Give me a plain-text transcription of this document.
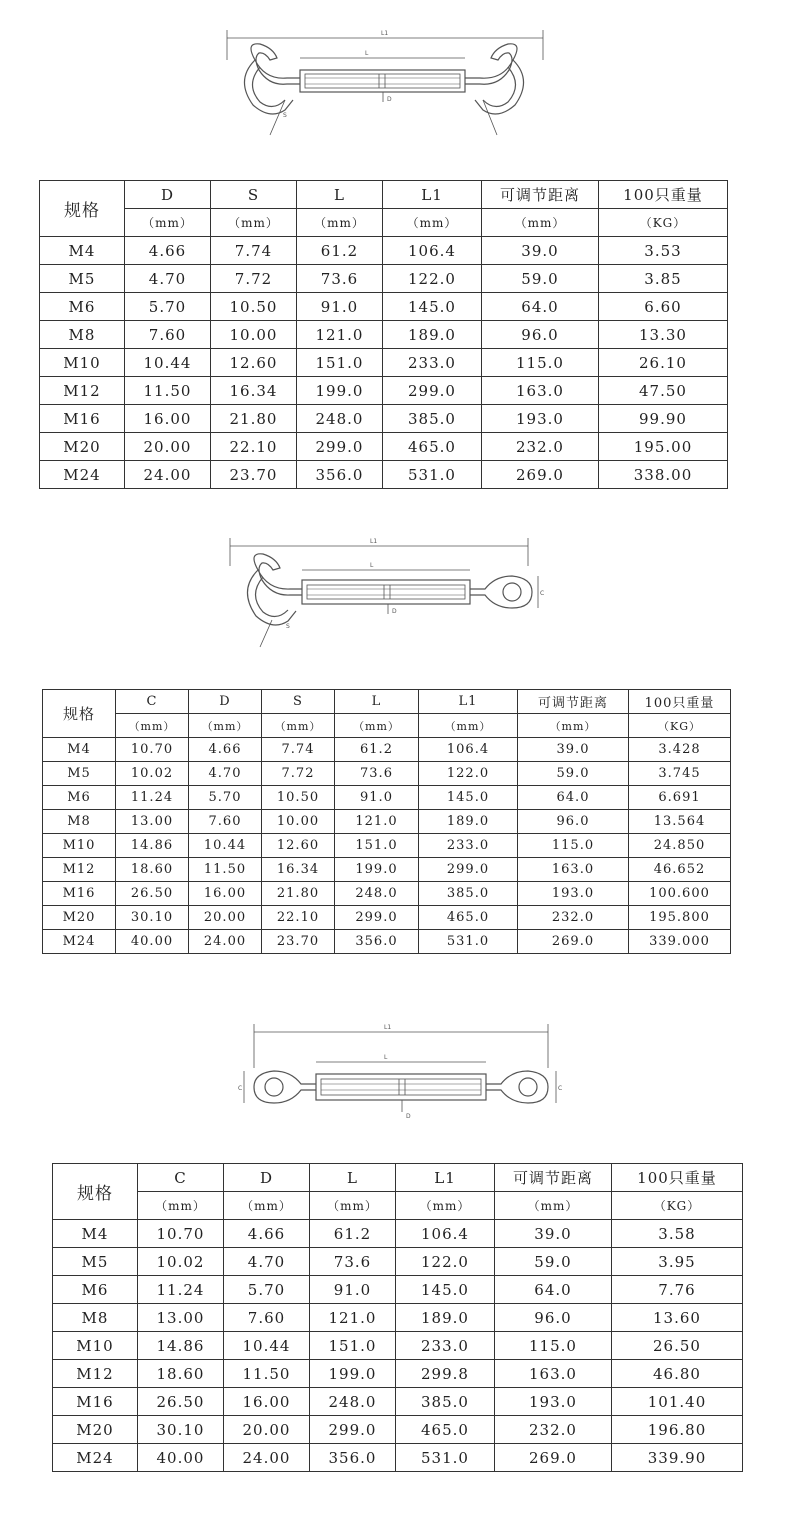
L1
L
D
S
规格	D	S	L	L1	可调节距离	100只重量
	（mm）	（mm）	（mm）	（mm）	（mm）	（KG）
M4	4.66	7.74	61.2	106.4	39.0	3.53
M5	4.70	7.72	73.6	122.0	59.0	3.85
M6	5.70	10.50	91.0	145.0	64.0	6.60
M8	7.60	10.00	121.0	189.0	96.0	13.30
M10	10.44	12.60	151.0	233.0	115.0	26.10
M12	11.50	16.34	199.0	299.0	163.0	47.50
M16	16.00	21.80	248.0	385.0	193.0	99.90
M20	20.00	22.10	299.0	465.0	232.0	195.00
M24	24.00	23.70	356.0	531.0	269.0	338.00
L1
L
D
S
C
规格	C	D	S	L	L1	可调节距离	100只重量
	（mm）	（mm）	（mm）	（mm）	（mm）	（mm）	（KG）
M4	10.70	4.66	7.74	61.2	106.4	39.0	3.428
M5	10.02	4.70	7.72	73.6	122.0	59.0	3.745
M6	11.24	5.70	10.50	91.0	145.0	64.0	6.691
M8	13.00	7.60	10.00	121.0	189.0	96.0	13.564
M10	14.86	10.44	12.60	151.0	233.0	115.0	24.850
M12	18.60	11.50	16.34	199.0	299.0	163.0	46.652
M16	26.50	16.00	21.80	248.0	385.0	193.0	100.600
M20	30.10	20.00	22.10	299.0	465.0	232.0	195.800
M24	40.00	24.00	23.70	356.0	531.0	269.0	339.000
L1
L
D
C	C
规格	C	D	L	L1	可调节距离	100只重量
	（mm）	（mm）	（mm）	（mm）	（mm）	（KG）
M4	10.70	4.66	61.2	106.4	39.0	3.58
M5	10.02	4.70	73.6	122.0	59.0	3.95
M6	11.24	5.70	91.0	145.0	64.0	7.76
M8	13.00	7.60	121.0	189.0	96.0	13.60
M10	14.86	10.44	151.0	233.0	115.0	26.50
M12	18.60	11.50	199.0	299.8	163.0	46.80
M16	26.50	16.00	248.0	385.0	193.0	101.40
M20	30.10	20.00	299.0	465.0	232.0	196.80
M24	40.00	24.00	356.0	531.0	269.0	339.90
